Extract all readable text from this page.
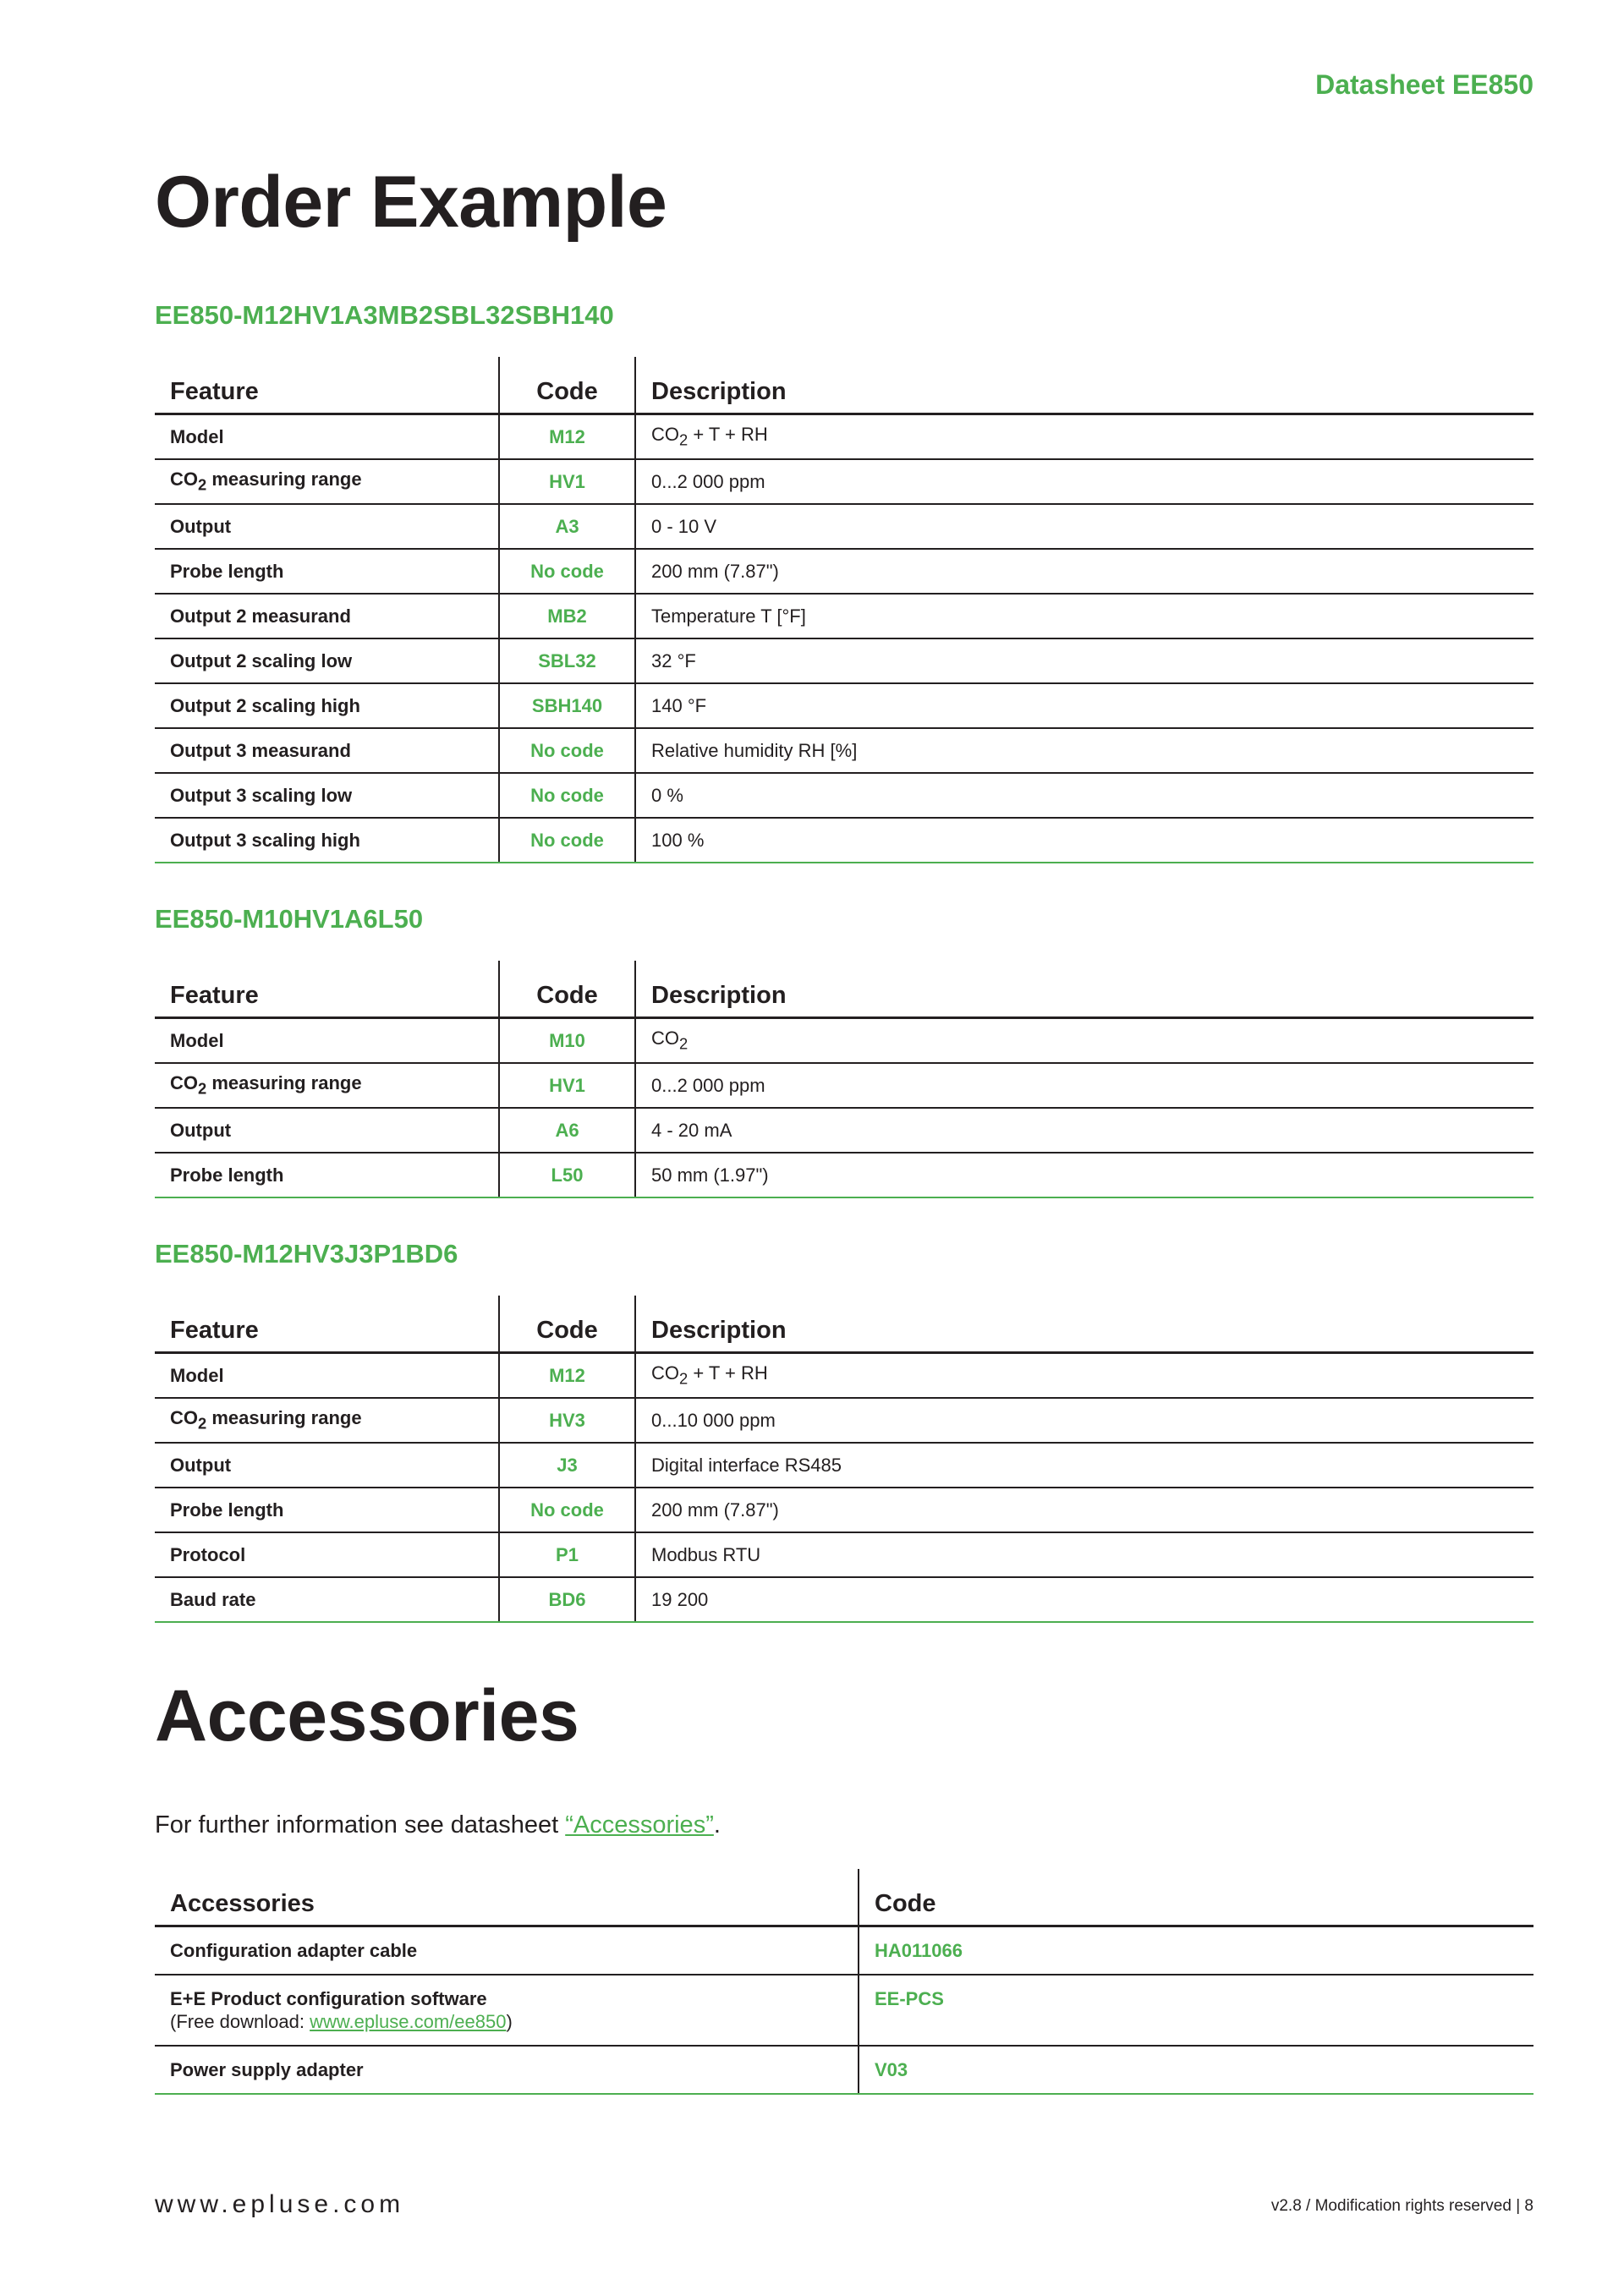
Datasheet EE850
Order Example

EE850-M12HV1A3MB2SBL32SBH140

Feature	Code	Description
Model	M12	$CO_2 + T$ + RH
$CO_2$ measuring range	HV1	0...2 000 ppm
Output	A3	0 - 10 V
Probe length	No code	200 mm (7.87")
Output 2 measurand	MB2	Temperature T [°F]
Output 2 scaling low	SBL32	32 °F
Output 2 scaling high	SBH140	140 °F
Output 3 measurand	No code	Relative humidity RH [%]
Output 3 scaling low	No code	0 %
Output 3 scaling high	No code	100 %

EE850-M10HV1A6L50

Feature	Code	Description
Model	M10	$CO_2$
$CO_2$ measuring range	HV1	0...2 000 ppm
Output	A6	4 - 20 mA
Probe length	L50	50 mm (1.97")

EE850-M12HV3J3P1BD6

Feature	Code	Description
Model	M12	$CO_2 + T$ + RH
$CO_2$ measuring range	HV3	0...10 000 ppm
Output	J3	Digital interface RS485
Probe length	No code	200 mm (7.87")
Protocol	P1	Modbus RTU
Baud rate	BD6	19 200
Accessories

For further information see datasheet “Accessories”.

Accessories	Code
Configuration adapter cable	HA011066
E+E Product configuration software
(Free download: www.epluse.com/ee850)	EE-PCS
Power supply adapter	V03
www.epluse.com	v2.8 / Modification rights reserved | 8
